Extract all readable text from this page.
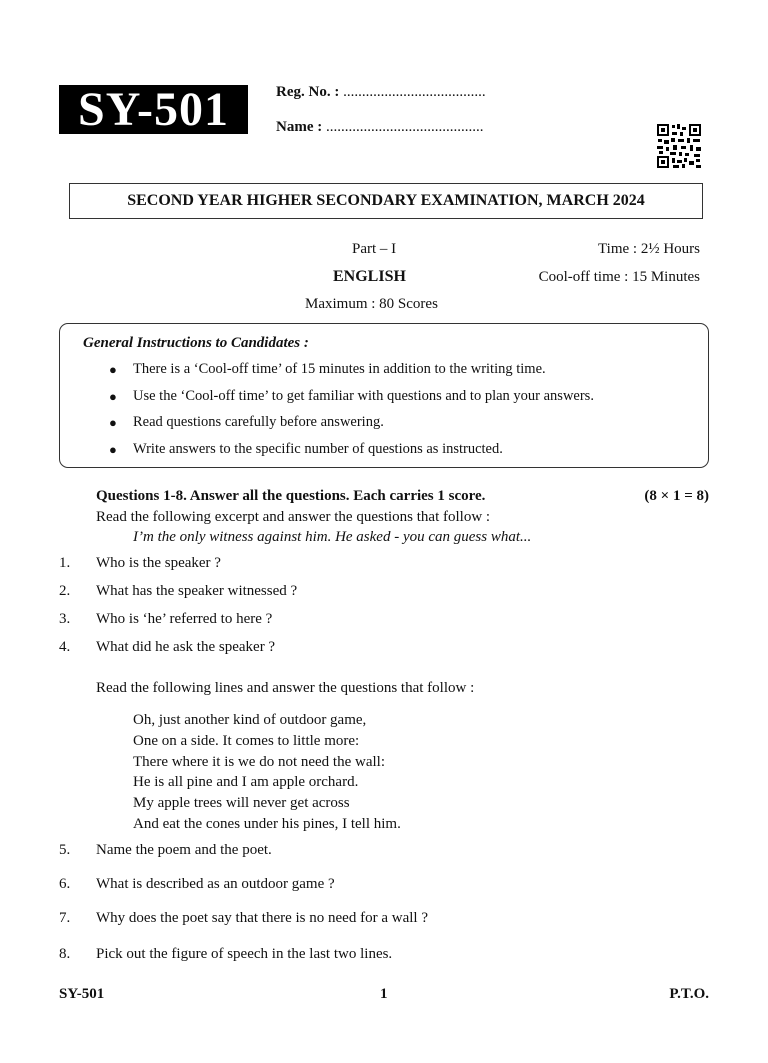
SY-501	Reg. No. : ......................................
Name : ..........................................
SECOND YEAR HIGHER SECONDARY EXAMINATION, MARCH 2024
Part – I
ENGLISH
Maximum : 80 Scores
Time : 2½ Hours
Cool-off time : 15 Minutes
General Instructions to Candidates :
● There is a ‘Cool-off time’ of 15 minutes in addition to the writing time.
● Use the ‘Cool-off time’ to get familiar with questions and to plan your answers.
● Read questions carefully before answering.
● Write answers to the specific number of questions as instructed.
Questions 1-8. Answer all the questions. Each carries 1 score.	(8 × 1 = 8)
Read the following excerpt and answer the questions that follow :
I’m the only witness against him. He asked - you can guess what...
1. Who is the speaker ?
2. What has the speaker witnessed ?
3. Who is ‘he’ referred to here ?
4. What did he ask the speaker ?
Read the following lines and answer the questions that follow :
Oh, just another kind of outdoor game,
One on a side. It comes to little more:
There where it is we do not need the wall:
He is all pine and I am apple orchard.
My apple trees will never get across
And eat the cones under his pines, I tell him.
5. Name the poem and the poet.
6. What is described as an outdoor game ?
7. Why does the poet say that there is no need for a wall ?
8. Pick out the figure of speech in the last two lines.
SY-501	1	P.T.O.
